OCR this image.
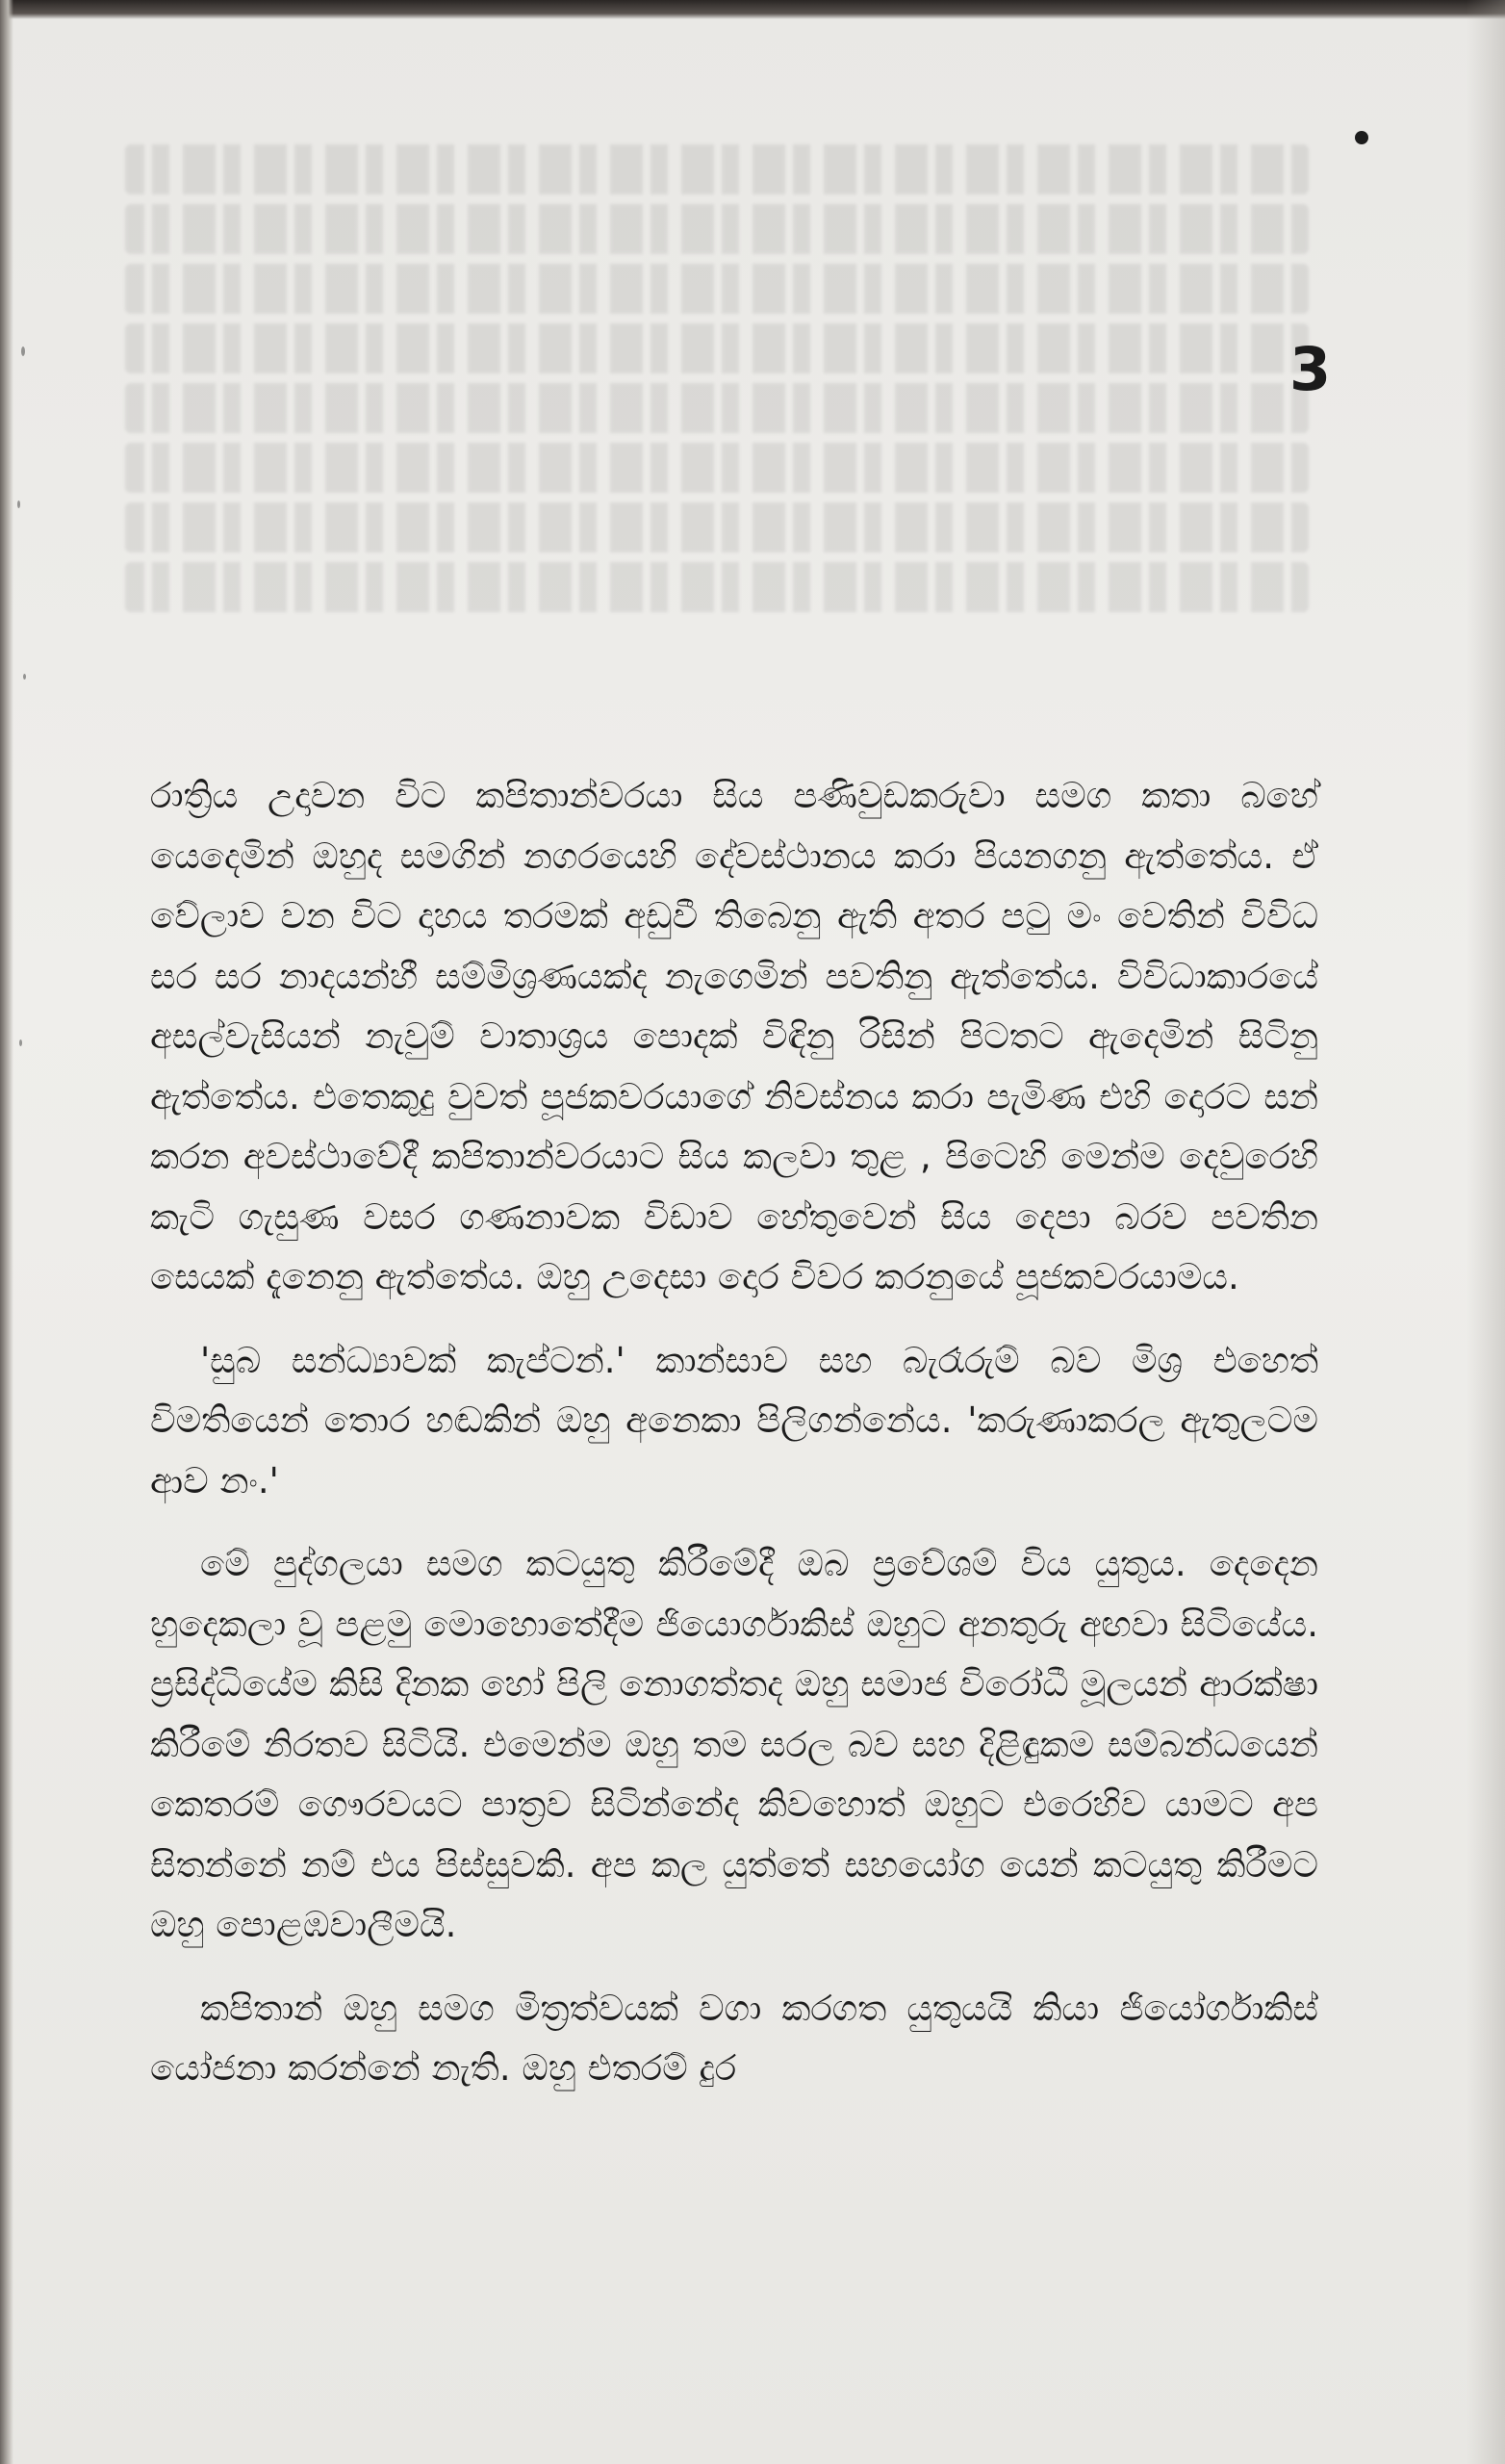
3

රාත්‍රිය උදාවන විට කපිතාන්වරයා සිය පණිවුඩකරුවා සමග කතා බහේ යෙදෙමින් ඔහුද සමගින් නගරයෙහි දේවස්ථානය කරා පියනගනු ඇත්තේය. ඒ වේලාව වන විට දාහය තරමක් අඩුවී තිබෙනු ඇති අතර පටු මං වෙතින් විවිධ සර සර නාදයන්හී සම්මිශ්‍රණයක්ද නැගෙමින් පවතිනු ඇත්තේය. විවිධාකාරයේ අසල්වැසියන් නැවුම් වාතාශ්‍රය පොදක් විඳිනු රිසින් පිටතට ඇදෙමින් සිටිනු ඇත්තේය. එතෙකුදු වුවත් පූජකවරයාගේ නිවස්නය කරා පැමිණ එහි දොරට සන් කරන අවස්ථාවේදී කපිතාන්වරයාට සිය කලවා තුළ , පිටෙහි මෙන්ම දෙවුරෙහි කැටි ගැසුණ වසර ගණනාවක විඩාව හේතුවෙන් සිය දෙපා බරව පවතින සෙයක් දැනෙනු ඇත්තේය. ඔහු උදෙසා දොර විවර කරනුයේ පූජකවරයාමය.

'සුබ සන්ධ්‍යාවක් කැප්ටන්.' කාන්සාව සහ බැරෑරුම් බව මිශ්‍ර එහෙත් විමතියෙන් තොර හඬකින් ඔහු අනෙකා පිලිගන්නේය. 'කරුණාකරල ඇතුලටම ආව නං.'

මේ පුද්ගලයා සමග කටයුතු කිරීමේදී ඔබ ප්‍රවේශම් විය යුතුය. දෙදෙන හුදෙකලා වූ පළමු මොහොතේදීම ජියොර්ගාකිස් ඔහුට අනතුරු අඟවා සිටියේය. ප්‍රසිද්ධියේම කිසි දිනක හෝ පිලි නොගත්තද ඔහු සමාජ විරෝධී මූලයන් ආරක්ෂා කිරීමේ නිරතව සිටියි. එමෙන්ම ඔහු තම සරල බව සහ දිළිඳුකම සම්බන්ධයෙන් කෙතරම් ගෞරවයට පාත්‍රව සිටින්නේද කිවහොත් ඔහුට එරෙහිව යාමට අප සිතන්නේ නම් එය පිස්සුවකි. අප කල යුත්තේ සහයෝග යෙන් කටයුතු කිරීමට ඔහු පොළඹවාලීමයි.

කපිතාන් ඔහු සමග මිත්‍රත්වයක් වගා කරගත යුතුයයි කියා ජියෝර්ගාකිස් යෝජනා කරන්නේ නැති. ඔහු එතරම් දුර
